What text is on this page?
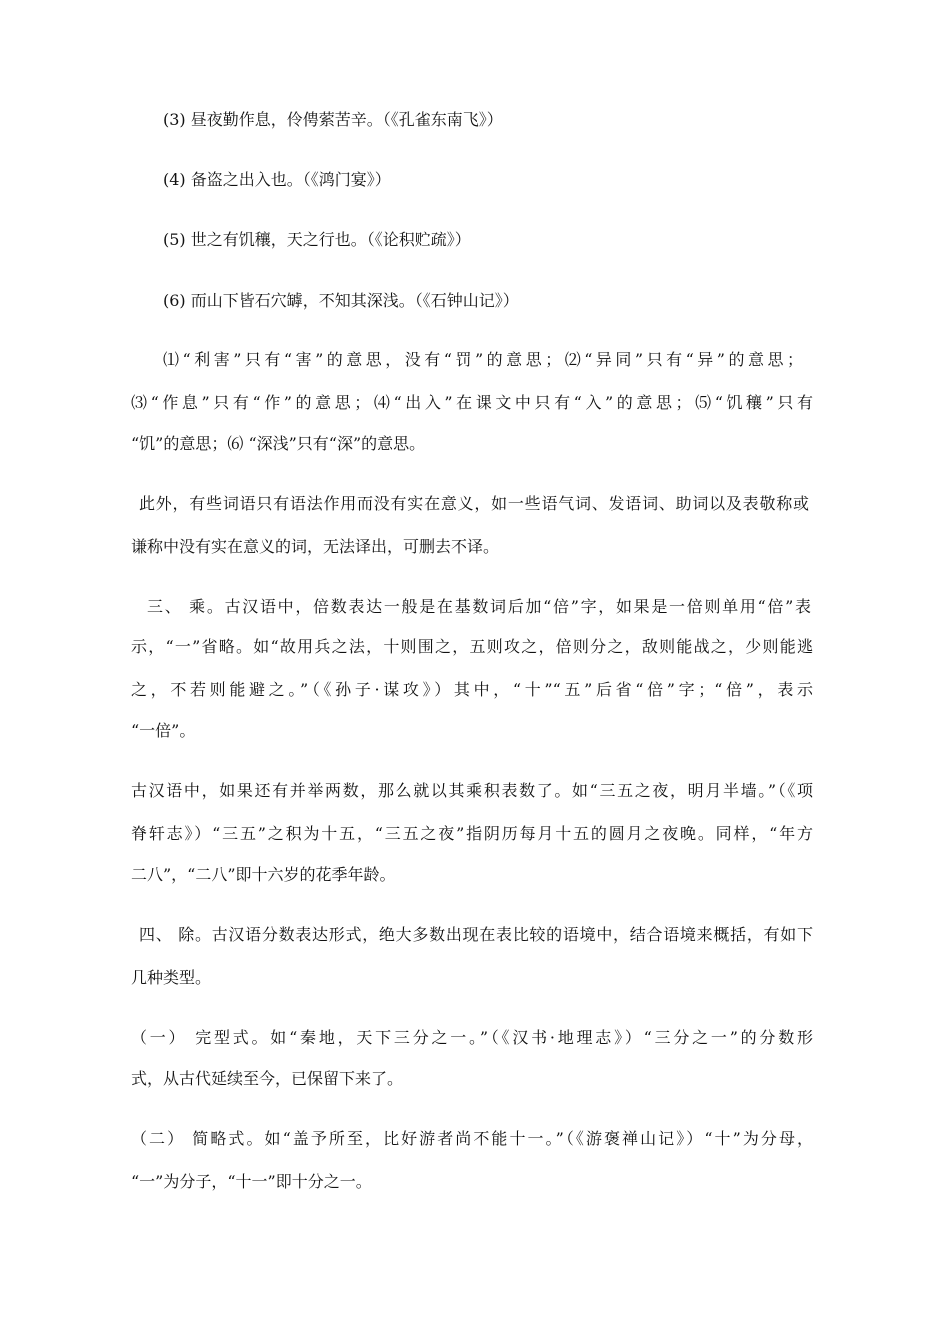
(3) 昼夜勤作息，伶俜萦苦辛。（《孔雀东南飞》）
(4) 备盗之出入也。（《鸿门宴》）
(5) 世之有饥穰，天之行也。（《论积贮疏》）
(6) 而山下皆石穴罅，不知其深浅。（《石钟山记》）
⑴“利害”只有“害”的意思，没有“罚”的意思；⑵“异同”只有“异”的意思；
⑶“作息”只有“作”的意思；⑷“出入”在课文中只有“入”的意思；⑸“饥穰”只有
“饥”的意思；⑹ “深浅”只有“深”的意思。
此外，有些词语只有语法作用而没有实在意义，如一些语气词、发语词、助词以及表敬称或
谦称中没有实在意义的词，无法译出，可删去不译。
三、 乘。古汉语中，倍数表达一般是在基数词后加“倍”字，如果是一倍则单用“倍”表
示，“一”省略。如“故用兵之法，十则围之，五则攻之，倍则分之，敌则能战之，少则能逃
之，不若则能避之。”（《孙子·谋攻》）其中，“十”“五”后省“倍”字；“倍”，表示
“一倍”。
古汉语中，如果还有并举两数，那么就以其乘积表数了。如“三五之夜，明月半墙。”（《项
脊轩志》）“三五”之积为十五，“三五之夜”指阴历每月十五的圆月之夜晚。同样，“年方
二八”，“二八”即十六岁的花季年龄。
四、 除。古汉语分数表达形式，绝大多数出现在表比较的语境中，结合语境来概括，有如下
几种类型。
（一） 完型式。如“秦地，天下三分之一。”（《汉书·地理志》）“三分之一”的分数形
式，从古代延续至今，已保留下来了。
（二） 简略式。如“盖予所至，比好游者尚不能十一。”（《游褒禅山记》）“十”为分母，
“一”为分子，“十一”即十分之一。
